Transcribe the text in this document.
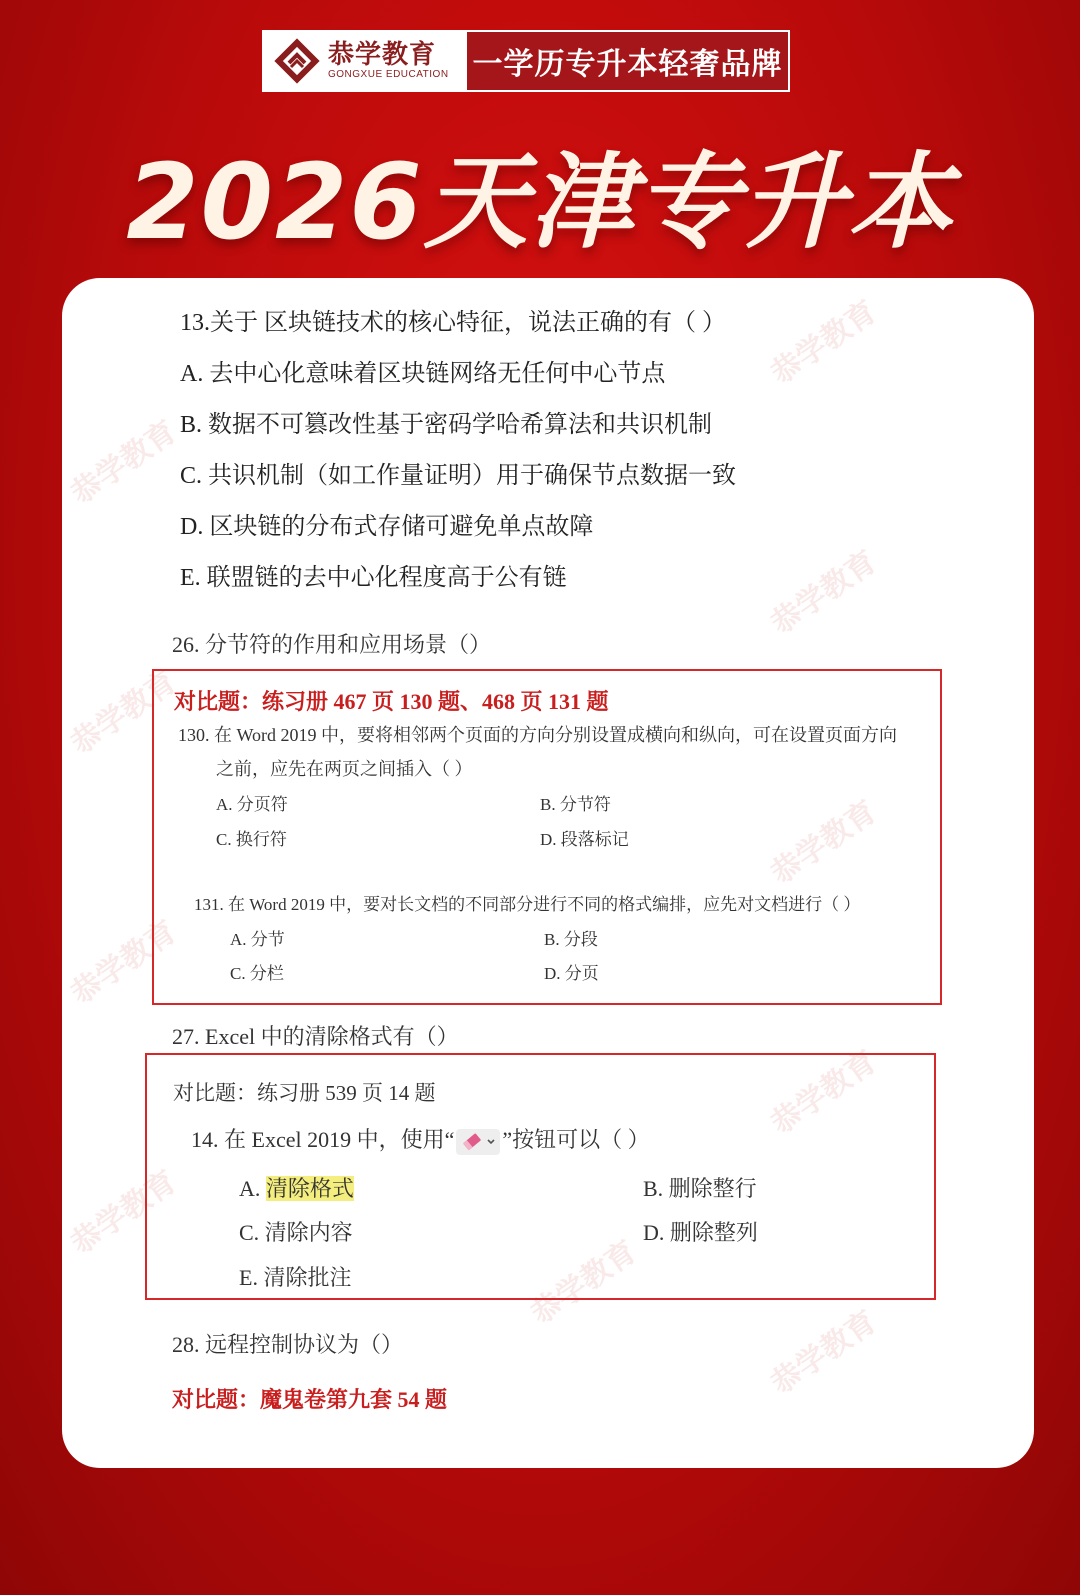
恭学教育
GONGXUE EDUCATION 一学历专升本轻奢品牌
2026天津专升本
恭学教育
恭学教育
恭学教育
恭学教育
恭学教育
恭学教育
恭学教育
恭学教育
恭学教育
恭学教育
13.关于 区块链技术的核心特征，说法正确的有（ ）
A. 去中心化意味着区块链网络无任何中心节点
B. 数据不可篡改性基于密码学哈希算法和共识机制
C. 共识机制（如工作量证明）用于确保节点数据一致
D. 区块链的分布式存储可避免单点故障
E. 联盟链的去中心化程度高于公有链
26. 分节符的作用和应用场景（）
对比题：练习册 467 页 130 题、468 页 131 题
130. 在 Word 2019 中，要将相邻两个页面的方向分别设置成横向和纵向，可在设置页面方向
之前，应先在两页之间插入（ ）
A. 分页符	B. 分节符
C. 换行符	D. 段落标记
131. 在 Word 2019 中，要对长文档的不同部分进行不同的格式编排，应先对文档进行（ ）
A. 分节	B. 分段
C. 分栏	D. 分页
27. Excel 中的清除格式有（）
对比题：练习册 539 页 14 题
14. 在 Excel 2019 中，使用“ ”按钮可以（ ）
A. 清除格式	B. 删除整行
C. 清除内容	D. 删除整列
E. 清除批注
28. 远程控制协议为（）
对比题：魔鬼卷第九套 54 题
